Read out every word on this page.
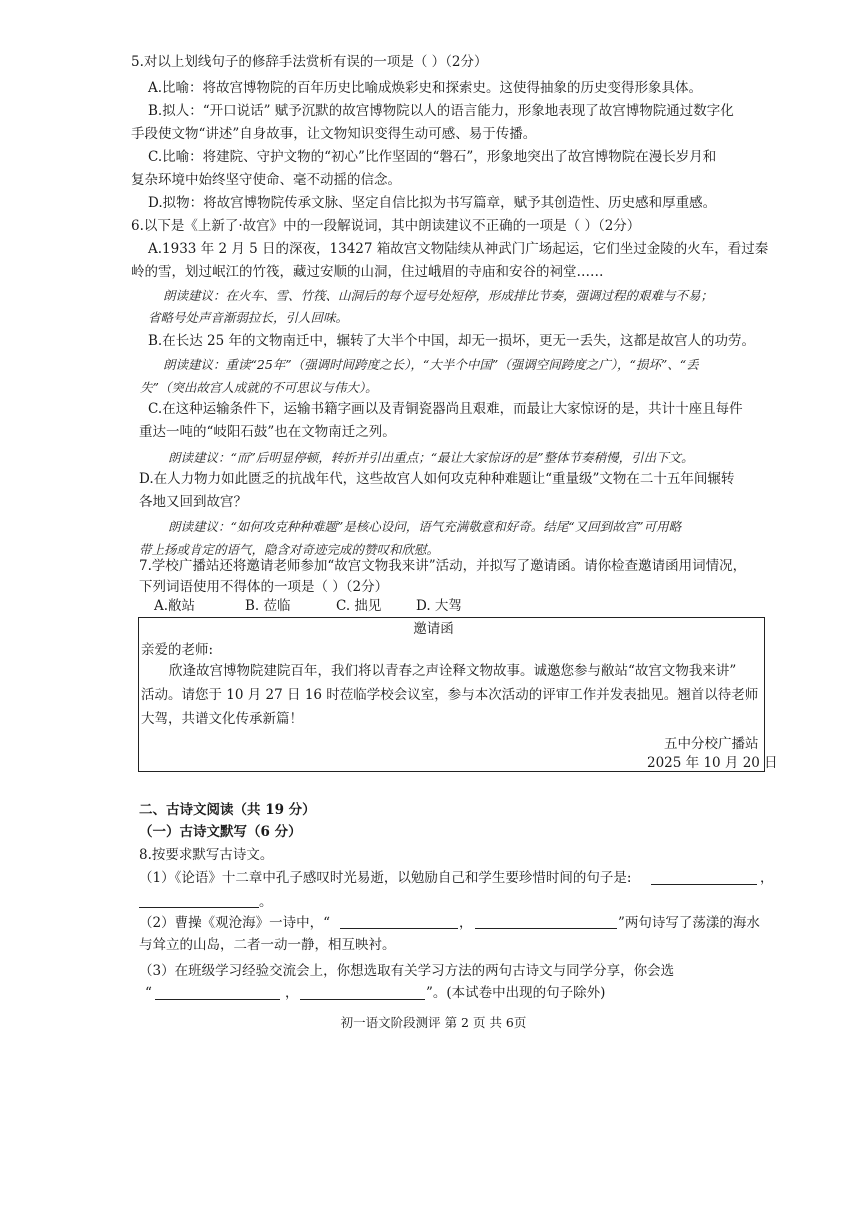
5.对以上划线句子的修辞手法赏析有误的一项是（ ）（2分）
A.比喻：将故宫博物院的百年历史比喻成焕彩史和探索史。这使得抽象的历史变得形象具体。
B.拟人：“开口说话” 赋予沉默的故宫博物院以人的语言能力，形象地表现了故宫博物院通过数字化
手段使文物“讲述”自身故事，让文物知识变得生动可感、易于传播。
C.比喻：将建院、守护文物的“初心”比作坚固的“磐石”，形象地突出了故宫博物院在漫长岁月和
复杂环境中始终坚守使命、毫不动摇的信念。
D.拟物：将故宫博物院传承文脉、坚定自信比拟为书写篇章，赋予其创造性、历史感和厚重感。
6.以下是《上新了·故宫》中的一段解说词，其中朗读建议不正确的一项是（ ）（2分）
A.1933 年 2 月 5 日的深夜，13427 箱故宫文物陆续从神武门广场起运，它们坐过金陵的火车，看过秦
岭的雪，划过岷江的竹筏，藏过安顺的山洞，住过峨眉的寺庙和安谷的祠堂……
朗读建议：在火车、雪、竹筏、山洞后的每个逗号处短停，形成排比节奏，强调过程的艰难与不易；
省略号处声音渐弱拉长，引人回味。
B.在长达 25 年的文物南迁中，辗转了大半个中国，却无一损坏，更无一丢失，这都是故宫人的功劳。
朗读建议：重读“25年”（强调时间跨度之长），“大半个中国”（强调空间跨度之广），“损坏”、“丢
失”（突出故宫人成就的不可思议与伟大）。
C.在这种运输条件下，运输书籍字画以及青铜瓷器尚且艰难，而最让大家惊讶的是，共计十座且每件
重达一吨的“岐阳石鼓”也在文物南迁之列。
朗读建议：“而”后明显停顿，转折并引出重点；“最让大家惊讶的是”整体节奏稍慢，引出下文。
D.在人力物力如此匮乏的抗战年代，这些故宫人如何攻克种种难题让“重量级”文物在二十五年间辗转
各地又回到故宫？
朗读建议：“如何攻克种种难题”是核心设问，语气充满敬意和好奇。结尾“又回到故宫”可用略
带上扬或肯定的语气，隐含对奇迹完成的赞叹和欣慰。
7.学校广播站还将邀请老师参加“故宫文物我来讲”活动，并拟写了邀请函。请你检查邀请函用词情况，
下列词语使用不得体的一项是（ ）（2分）
A.敝站	B. 莅临	C. 拙见	D. 大驾
邀请函
亲爱的老师:
欣逢故宫博物院建院百年，我们将以青春之声诠释文物故事。诚邀您参与敝站“故宫文物我来讲”
活动。请您于 10 月 27 日 16 时莅临学校会议室，参与本次活动的评审工作并发表拙见。翘首以待老师
大驾，共谱文化传承新篇！
五中分校广播站
2025 年 10 月 20 日
二、古诗文阅读（共 19 分）
（一）古诗文默写（6 分）
8.按要求默写古诗文。
（1）《论语》十二章中孔子感叹时光易逝，以勉励自己和学生要珍惜时间的句子是:	，
。
（2）曹操《观沧海》一诗中，“	，	”两句诗写了荡漾的海水
与耸立的山岛，二者一动一静，相互映衬。
（3）在班级学习经验交流会上，你想选取有关学习方法的两句古诗文与同学分享，你会选
“	，	”。(本试卷中出现的句子除外)
初一语文阶段测评 第 2 页 共 6页
